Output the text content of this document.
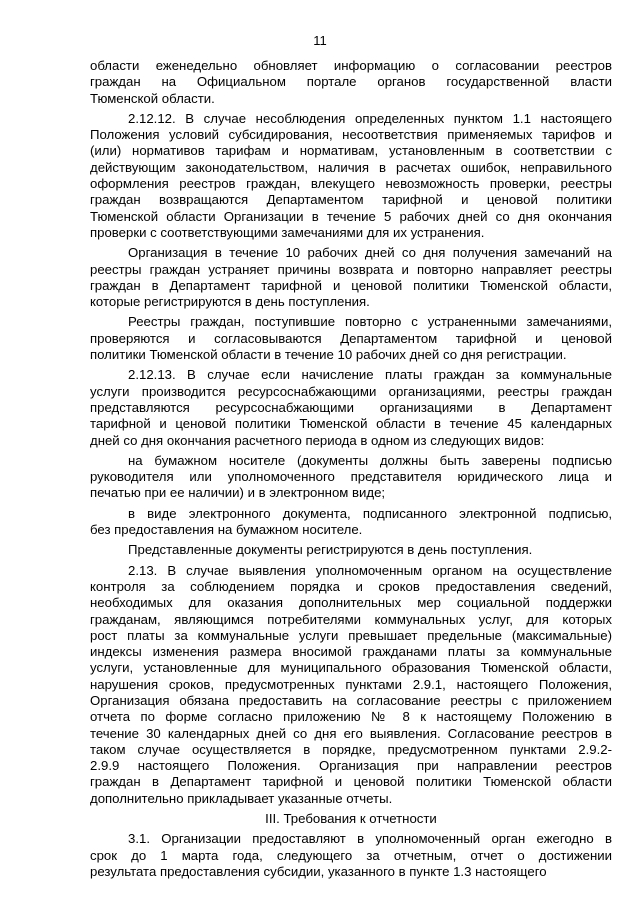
11

области еженедельно обновляет информацию о согласовании реестров
граждан на Официальном портале органов государственной власти
Тюменской области.

2.12.12. В случае несоблюдения определенных пунктом 1.1 настоящего
Положения условий субсидирования, несоответствия применяемых тарифов и
(или) нормативов тарифам и нормативам, установленным в соответствии с
действующим законодательством, наличия в расчетах ошибок, неправильного
оформления реестров граждан, влекущего невозможность проверки, реестры
граждан возвращаются Департаментом тарифной и ценовой политики
Тюменской области Организации в течение 5 рабочих дней со дня окончания
проверки с соответствующими замечаниями для их устранения.

Организация в течение 10 рабочих дней со дня получения замечаний на
реестры граждан устраняет причины возврата и повторно направляет реестры
граждан в Департамент тарифной и ценовой политики Тюменской области,
которые регистрируются в день поступления.

Реестры граждан, поступившие повторно с устраненными замечаниями,
проверяются и согласовываются Департаментом тарифной и ценовой
политики Тюменской области в течение 10 рабочих дней со дня регистрации.

2.12.13. В случае если начисление платы граждан за коммунальные
услуги производится ресурсоснабжающими организациями, реестры граждан
представляются ресурсоснабжающими организациями в Департамент
тарифной и ценовой политики Тюменской области в течение 45 календарных
дней со дня окончания расчетного периода в одном из следующих видов:

на бумажном носителе (документы должны быть заверены подписью
руководителя или уполномоченного представителя юридического лица и
печатью при ее наличии) и в электронном виде;

в виде электронного документа, подписанного электронной подписью,
без предоставления на бумажном носителе.

Представленные документы регистрируются в день поступления.

2.13. В случае выявления уполномоченным органом на осуществление
контроля за соблюдением порядка и сроков предоставления сведений,
необходимых для оказания дополнительных мер социальной поддержки
гражданам, являющимся потребителями коммунальных услуг, для которых
рост платы за коммунальные услуги превышает предельные (максимальные)
индексы изменения размера вносимой гражданами платы за коммунальные
услуги, установленные для муниципального образования Тюменской области,
нарушения сроков, предусмотренных пунктами 2.9.1, настоящего Положения,
Организация обязана предоставить на согласование реестры с приложением
отчета по форме согласно приложению № 8 к настоящему Положению в
течение 30 календарных дней со дня его выявления. Согласование реестров в
таком случае осуществляется в порядке, предусмотренном пунктами 2.9.2-
2.9.9 настоящего Положения. Организация при направлении реестров
граждан в Департамент тарифной и ценовой политики Тюменской области
дополнительно прикладывает указанные отчеты.

III. Требования к отчетности

3.1. Организации предоставляют в уполномоченный орган ежегодно в
срок до 1 марта года, следующего за отчетным, отчет о достижении
результата предоставления субсидии, указанного в пункте 1.3 настоящего
